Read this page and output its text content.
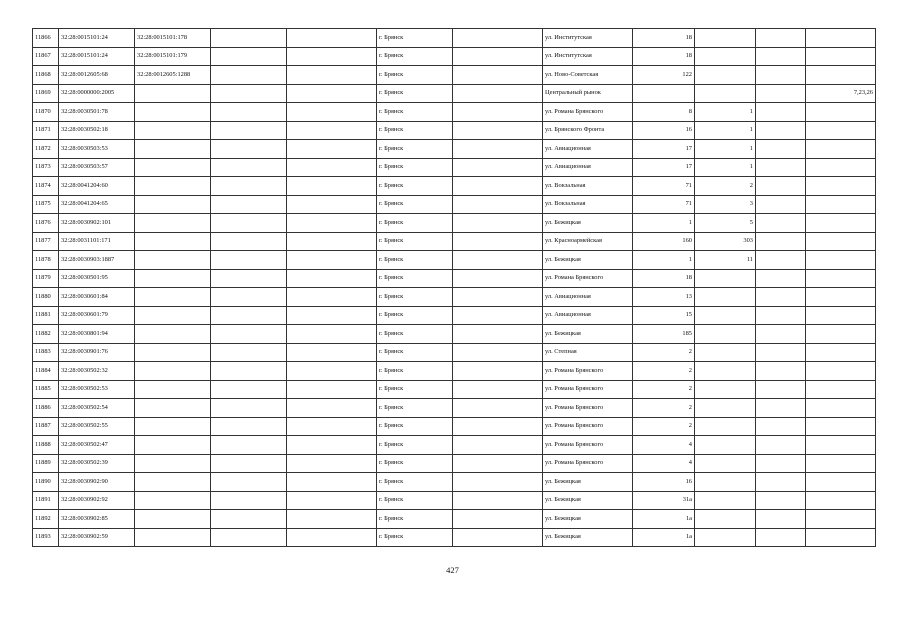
11866	32:28:0015101:24	32:28:0015101:178			г. Брянск		ул. Институтская	18			
11867	32:28:0015101:24	32:28:0015101:179			г. Брянск		ул. Институтская	18			
11868	32:28:0012605:68	32:28:0012605:1288			г. Брянск		ул. Ново-Советская	122			
11869	32:28:0000000:2005				г. Брянск		Центральный рынок				7,23,26
11870	32:28:0030501:78				г. Брянск		ул. Романа Брянского	8	1		
11871	32:28:0030502:18				г. Брянск		ул. Брянского Фронта	16	1		
11872	32:28:0030503:53				г. Брянск		ул. Авиационная	17	1		
11873	32:28:0030503:57				г. Брянск		ул. Авиационная	17	1		
11874	32:28:0041204:60				г. Брянск		ул. Вокзальная	71	2		
11875	32:28:0041204:65				г. Брянск		ул. Вокзальная	71	3		
11876	32:28:0030902:101				г. Брянск		ул. Бежицкая	1	5		
11877	32:28:0031101:171				г. Брянск		ул. Красноармейская	160	303		
11878	32:28:0030903:1887				г. Брянск		ул. Бежицкая	1	11		
11879	32:28:0030501:95				г. Брянск		ул. Романа Брянского	18			
11880	32:28:0030601:84				г. Брянск		ул. Авиационная	13			
11881	32:28:0030601:79				г. Брянск		ул. Авиационная	15			
11882	32:28:0030801:94				г. Брянск		ул. Бежицкая	185			
11883	32:28:0030901:76				г. Брянск		ул. Степная	2			
11884	32:28:0030502:32				г. Брянск		ул. Романа Брянского	2			
11885	32:28:0030502:53				г. Брянск		ул. Романа Брянского	2			
11886	32:28:0030502:54				г. Брянск		ул. Романа Брянского	2			
11887	32:28:0030502:55				г. Брянск		ул. Романа Брянского	2			
11888	32:28:0030502:47				г. Брянск		ул. Романа Брянского	4			
11889	32:28:0030502:39				г. Брянск		ул. Романа Брянского	4			
11890	32:28:0030902:90				г. Брянск		ул. Бежицкая	16			
11891	32:28:0030902:92				г. Брянск		ул. Бежицкая	31а			
11892	32:28:0030902:85				г. Брянск		ул. Бежицкая	1а			
11893	32:28:0030902:59				г. Брянск		ул. Бежицкая	1а			
427
